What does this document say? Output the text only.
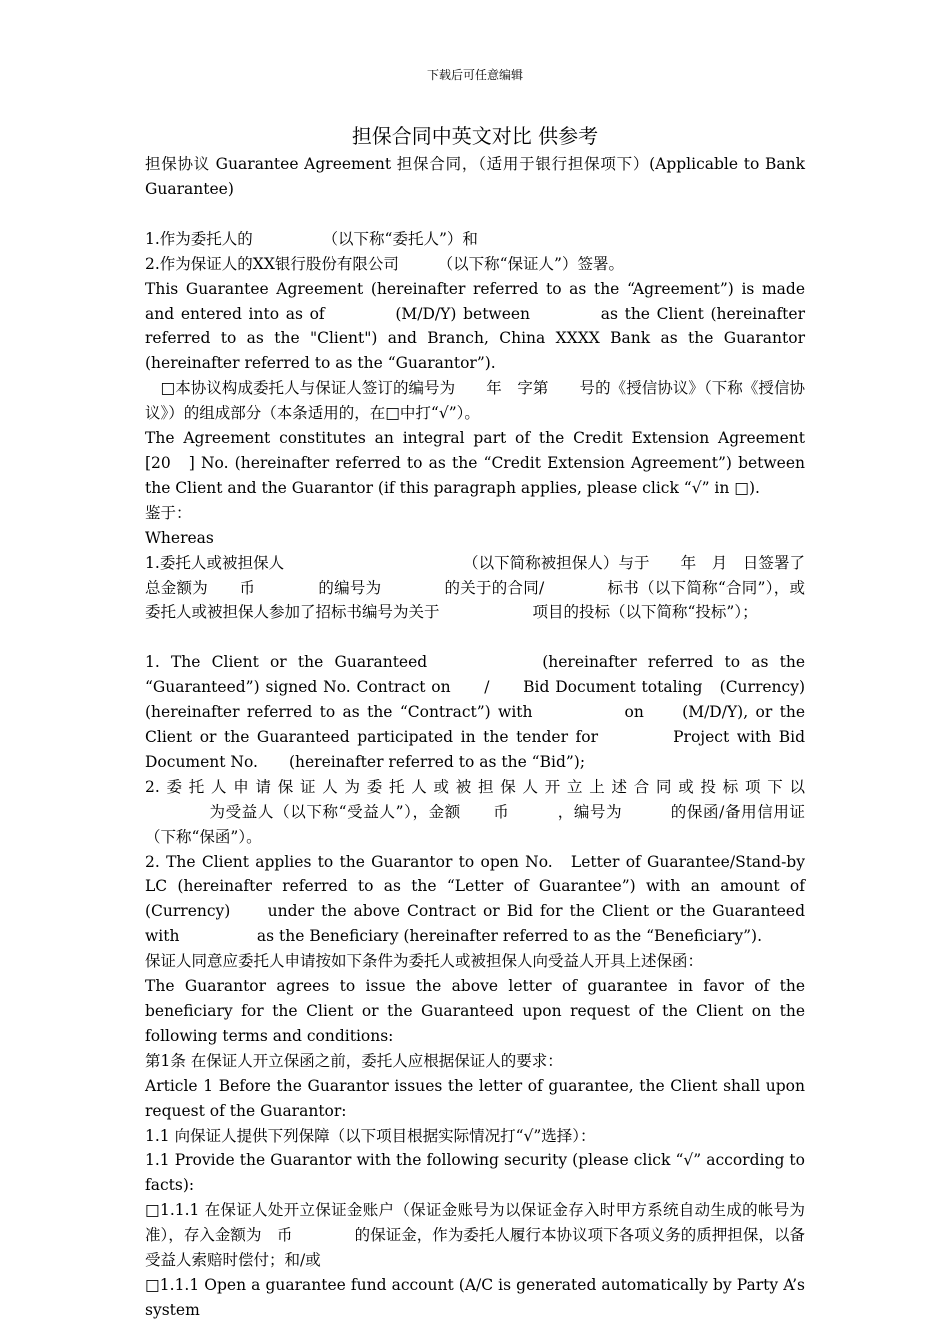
下载后可任意编辑
担保合同中英文对比 供参考

担保协议 Guarantee Agreement 担保合同，（适用于银行担保项下）(Applicable to Bank Guarantee)

1.作为委托人的　　　　　（以下称“委托人”）和

2.作为保证人的XX银行股份有限公司　　　（以下称“保证人”）签署。

This Guarantee Agreement (hereinafter referred to as the “Agreement”) is made and entered into as of　　　　(M/D/Y) between　　　　as the Client (hereinafter referred to as the "Client") and Branch, China XXXX Bank as the Guarantor (hereinafter referred to as the “Guarantor”).

　□本协议构成委托人与保证人签订的编号为　　年　字第　　号的《授信协议》（下称《授信协议》）的组成部分（本条适用的，在□中打“√”）。

The Agreement constitutes an integral part of the Credit Extension Agreement [20　] No. (hereinafter referred to as the “Credit Extension Agreement”) between the Client and the Guarantor (if this paragraph applies, please click “√” in □).

鉴于：

Whereas

1.委托人或被担保人　　　　　　　　　　　　（以下简称被担保人）与于　　年　月　日签署了总金额为　　币　　　　的编号为　　　　的关于的合同/　　　　标书（以下简称“合同”），或委托人或被担保人参加了招标书编号为关于　　　　　　项目的投标（以下简称“投标”）；

1. The Client or the Guaranteed　　　　　(hereinafter referred to as the “Guaranteed”) signed No. Contract on　　/　　Bid Document totaling　(Currency)　　　(hereinafter referred to as the “Contract”) with　　　　　on　　(M/D/Y), or the Client or the Guaranteed participated in the tender for　　　　Project with Bid Document No.　　(hereinafter referred to as the “Bid”);

2.委托人申请保证人为委托人或被担保人开立上述合同或投标项下以

　　　　为受益人（以下称“受益人”），金额　　币　　　，编号为　　　的保函/备用信用证（下称“保函”）。

2. The Client applies to the Guarantor to open No.　Letter of Guarantee/Stand-by LC (hereinafter referred to as the “Letter of Guarantee”) with an amount of　　(Currency)　　under the above Contract or Bid for the Client or the Guaranteed with　　　　　as the Beneficiary (hereinafter referred to as the “Beneficiary”).

保证人同意应委托人申请按如下条件为委托人或被担保人向受益人开具上述保函：

The Guarantor agrees to issue the above letter of guarantee in favor of the beneficiary for the Client or the Guaranteed upon request of the Client on the following terms and conditions:

第1条 在保证人开立保函之前，委托人应根据保证人的要求：

Article 1 Before the Guarantor issues the letter of guarantee, the Client shall upon request of the Guarantor:

1.1 向保证人提供下列保障（以下项目根据实际情况打“√”选择）：

1.1 Provide the Guarantor with the following security (please click “√” according to facts):

□1.1.1 在保证人处开立保证金账户（保证金账号为以保证金存入时甲方系统自动生成的帐号为准），存入金额为　币　　　　的保证金，作为委托人履行本协议项下各项义务的质押担保，以备受益人索赔时偿付；和/或

□1.1.1 Open a guarantee fund account (A/C is generated automatically by Party A’s system
